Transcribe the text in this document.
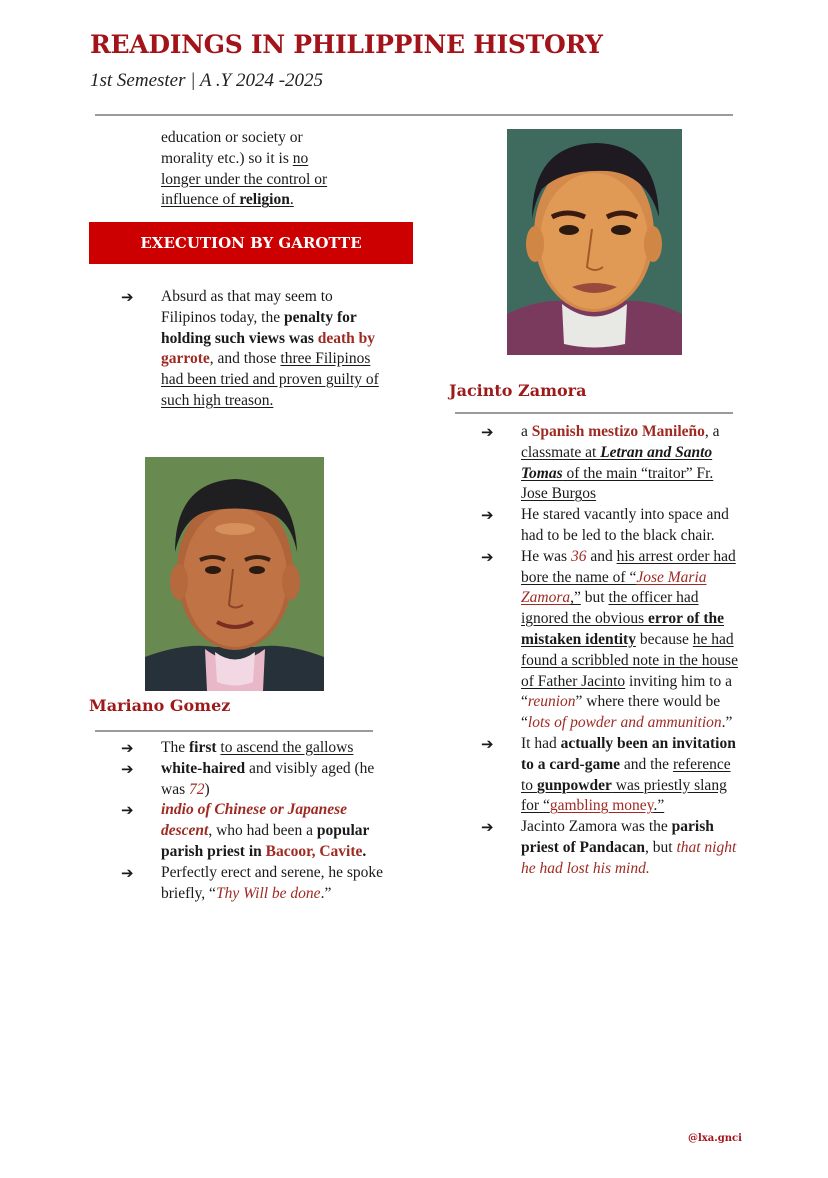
READINGS IN PHILIPPINE HISTORY
1st Semester | A .Y 2024 -2025
education or society or
morality etc.) so it is no
longer under the control or
influence of religion.
EXECUTION BY GAROTTE
➔	Absurd as that may seem to Filipinos today, the penalty for holding such views was death by garrote, and those three Filipinos had been tried and proven guilty of such high treason.
Mariano Gomez
➔	The first to ascend the gallows
➔	white-haired and visibly aged (he was 72)
➔	indio of Chinese or Japanese descent, who had been a popular parish priest in Bacoor, Cavite.
➔	Perfectly erect and serene, he spoke briefly, “Thy Will be done.”
Jacinto Zamora
➔	a Spanish mestizo Manileño, a classmate at Letran and Santo Tomas of the main “traitor” Fr. Jose Burgos
➔	He stared vacantly into space and had to be led to the black chair.
➔	He was 36 and his arrest order had bore the name of “Jose Maria Zamora,” but the officer had ignored the obvious error of the mistaken identity because he had found a scribbled note in the house of Father Jacinto inviting him to a “reunion” where there would be “lots of powder and ammunition.”
➔	It had actually been an invitation to a card-game and the reference to gunpowder was priestly slang for “gambling money.”
➔	Jacinto Zamora was the parish priest of Pandacan, but that night he had lost his mind.
@lxa.gnci
